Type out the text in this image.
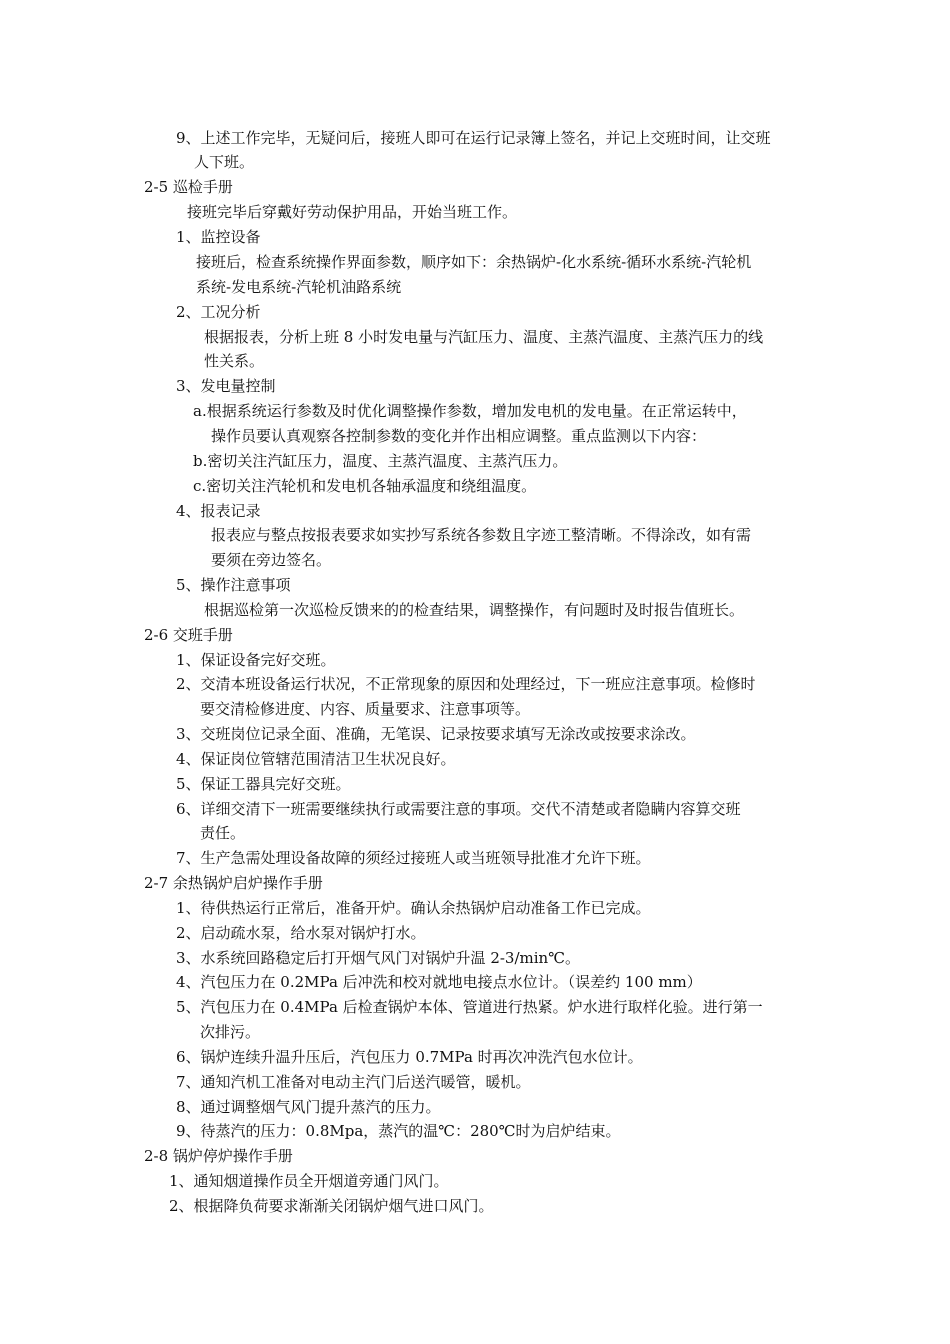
9、上述工作完毕，无疑问后，接班人即可在运行记录簿上签名，并记上交班时间，让交班
人下班。
2-5 巡检手册
接班完毕后穿戴好劳动保护用品，开始当班工作。
1、监控设备
接班后，检查系统操作界面参数，顺序如下：余热锅炉-化水系统-循环水系统-汽轮机
系统-发电系统-汽轮机油路系统
2、工况分析
根据报表，分析上班 8 小时发电量与汽缸压力、温度、主蒸汽温度、主蒸汽压力的线
性关系。
3、发电量控制
a.根据系统运行参数及时优化调整操作参数，增加发电机的发电量。在正常运转中，
操作员要认真观察各控制参数的变化并作出相应调整。重点监测以下内容：
b.密切关注汽缸压力，温度、主蒸汽温度、主蒸汽压力。
c.密切关注汽轮机和发电机各轴承温度和绕组温度。
4、报表记录
报表应与整点按报表要求如实抄写系统各参数且字迹工整清晰。不得涂改，如有需
要须在旁边签名。
5、操作注意事项
根据巡检第一次巡检反馈来的的检查结果，调整操作，有问题时及时报告值班长。
2-6 交班手册
1、保证设备完好交班。
2、交清本班设备运行状况，不正常现象的原因和处理经过，下一班应注意事项。检修时
要交清检修进度、内容、质量要求、注意事项等。
3、交班岗位记录全面、准确，无笔误、记录按要求填写无涂改或按要求涂改。
4、保证岗位管辖范围清洁卫生状况良好。
5、保证工器具完好交班。
6、详细交清下一班需要继续执行或需要注意的事项。交代不清楚或者隐瞒内容算交班
责任。
7、生产急需处理设备故障的须经过接班人或当班领导批准才允许下班。
2-7 余热锅炉启炉操作手册
1、待供热运行正常后，准备开炉。确认余热锅炉启动准备工作已完成。
2、启动疏水泵，给水泵对锅炉打水。
3、水系统回路稳定后打开烟气风门对锅炉升温 2-3/min℃。
4、汽包压力在 0.2MPa 后冲洗和校对就地电接点水位计。（误差约 100 mm）
5、汽包压力在 0.4MPa 后检查锅炉本体、管道进行热紧。炉水进行取样化验。进行第一
次排污。
6、锅炉连续升温升压后，汽包压力 0.7MPa 时再次冲洗汽包水位计。
7、通知汽机工准备对电动主汽门后送汽暖管，暖机。
8、通过调整烟气风门提升蒸汽的压力。
9、待蒸汽的压力：0.8Mpa，蒸汽的温℃：280℃时为启炉结束。
2-8 锅炉停炉操作手册
1、通知烟道操作员全开烟道旁通门风门。
2、根据降负荷要求渐渐关闭锅炉烟气进口风门。
